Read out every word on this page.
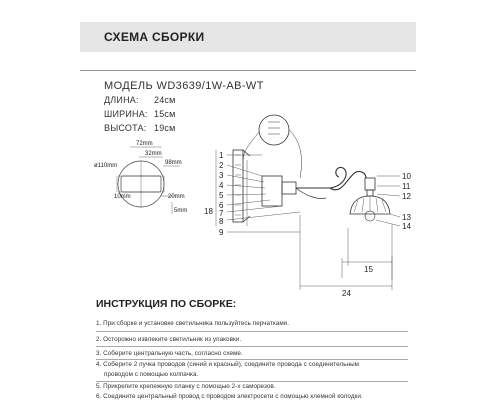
СХЕМА СБОРКИ
МОДЕЛЬ WD3639/1W-AB-WT
ДЛИНА: 24см
ШИРИНА: 15см
ВЫСОТА: 19см
72mm
32mm
98mm
ø110mm
10mm	20mm
5mm
1
2
3
4
5
6
7
8
9
10
11
12
13
14
18
15
24
ИНСТРУКЦИЯ ПО СБОРКЕ:
1. При сборке и установке светильника пользуйтесь перчатками.
2. Осторожно извлеките светильник из упаковки.
3. Соберите центральную часть, согласно схеме.
4. Соберите 2 пучка проводов (синий и красный), соедините провода с соединительным
проводом с помощью колпачка.
5. Прикрепите крепежную планку с помощью 2-х саморезов.
6. Соедините центральный провод с проводом электросети с помощью клемной колодки.
